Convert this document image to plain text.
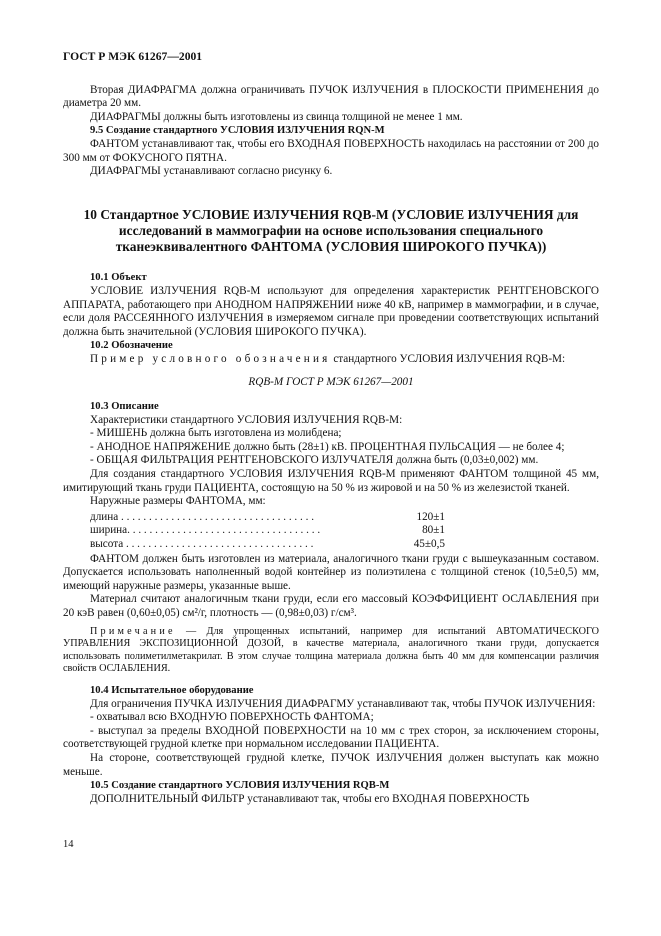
ГОСТ Р МЭК 61267—2001

Вторая ДИАФРАГМА должна ограничивать ПУЧОК ИЗЛУЧЕНИЯ в ПЛОСКОСТИ ПРИМЕНЕНИЯ до диаметра 20 мм.

ДИАФРАГМЫ должны быть изготовлены из свинца толщиной не менее 1 мм.

9.5 Создание стандартного УСЛОВИЯ ИЗЛУЧЕНИЯ RQN-M

ФАНТОМ устанавливают так, чтобы его ВХОДНАЯ ПОВЕРХНОСТЬ находилась на расстоянии от 200 до 300 мм от ФОКУСНОГО ПЯТНА.

ДИАФРАГМЫ устанавливают согласно рисунку 6.

10 Стандартное УСЛОВИЕ ИЗЛУЧЕНИЯ RQB-M (УСЛОВИЕ ИЗЛУЧЕНИЯ для исследований в маммографии на основе использования специального тканеэквивалентного ФАНТОМА (УСЛОВИЯ ШИРОКОГО ПУЧКА))

10.1 Объект

УСЛОВИЕ ИЗЛУЧЕНИЯ RQB-M используют для определения характеристик РЕНТГЕНОВСКОГО АППАРАТА, работающего при АНОДНОМ НАПРЯЖЕНИИ ниже 40 кВ, например в маммографии, и в случае, если доля РАССЕЯННОГО ИЗЛУЧЕНИЯ в измеряемом сигнале при проведении соответствующих испытаний должна быть значительной (УСЛОВИЯ ШИРОКОГО ПУЧКА).

10.2 Обозначение

Пример условного обозначения стандартного УСЛОВИЯ ИЗЛУЧЕНИЯ RQB-M:

RQB-M ГОСТ Р МЭК 61267—2001

10.3 Описание

Характеристики стандартного УСЛОВИЯ ИЗЛУЧЕНИЯ RQB-M:

- МИШЕНЬ должна быть изготовлена из молибдена;

- АНОДНОЕ НАПРЯЖЕНИЕ должно быть (28±1) кВ. ПРОЦЕНТНАЯ ПУЛЬСАЦИЯ — не более 4;

- ОБЩАЯ ФИЛЬТРАЦИЯ РЕНТГЕНОВСКОГО ИЗЛУЧАТЕЛЯ должна быть (0,03±0,002) мм.

Для создания стандартного УСЛОВИЯ ИЗЛУЧЕНИЯ RQB-M применяют ФАНТОМ толщиной 45 мм, имитирующий ткань груди ПАЦИЕНТА, состоящую на 50 % из жировой и на 50 % из железистой тканей.

Наружные размеры ФАНТОМА, мм:

длина . . . . . . . . . . . . . . . . . . . . . . . . . . . . . . . . . . .	120±1
ширина. . . . . . . . . . . . . . . . . . . . . . . . . . . . . . . . . . .	80±1
высота . . . . . . . . . . . . . . . . . . . . . . . . . . . . . . . . . .	45±0,5

ФАНТОМ должен быть изготовлен из материала, аналогичного ткани груди с вышеуказанным составом. Допускается использовать наполненный водой контейнер из полиэтилена с толщиной стенок (10,5±0,5) мм, имеющий наружные размеры, указанные выше.

Материал считают аналогичным ткани груди, если его массовый КОЭФФИЦИЕНТ ОСЛАБЛЕНИЯ при 20 кэВ равен (0,60±0,05) см²/г, плотность — (0,98±0,03) г/см³.

Примечание — Для упрощенных испытаний, например для испытаний АВТОМАТИЧЕСКОГО УПРАВЛЕНИЯ ЭКСПОЗИЦИОННОЙ ДОЗОЙ, в качестве материала, аналогичного ткани груди, допускается использовать полиметилметакрилат. В этом случае толщина материала должна быть 40 мм для компенсации различия свойств ОСЛАБЛЕНИЯ.

10.4 Испытательное оборудование

Для ограничения ПУЧКА ИЗЛУЧЕНИЯ ДИАФРАГМУ устанавливают так, чтобы ПУЧОК ИЗЛУЧЕНИЯ:

- охватывал всю ВХОДНУЮ ПОВЕРХНОСТЬ ФАНТОМА;

- выступал за пределы ВХОДНОЙ ПОВЕРХНОСТИ на 10 мм с трех сторон, за исключением стороны, соответствующей грудной клетке при нормальном исследовании ПАЦИЕНТА.

На стороне, соответствующей грудной клетке, ПУЧОК ИЗЛУЧЕНИЯ должен выступать как можно меньше.

10.5 Создание стандартного УСЛОВИЯ ИЗЛУЧЕНИЯ RQB-M

ДОПОЛНИТЕЛЬНЫЙ ФИЛЬТР устанавливают так, чтобы его ВХОДНАЯ ПОВЕРХНОСТЬ

14
